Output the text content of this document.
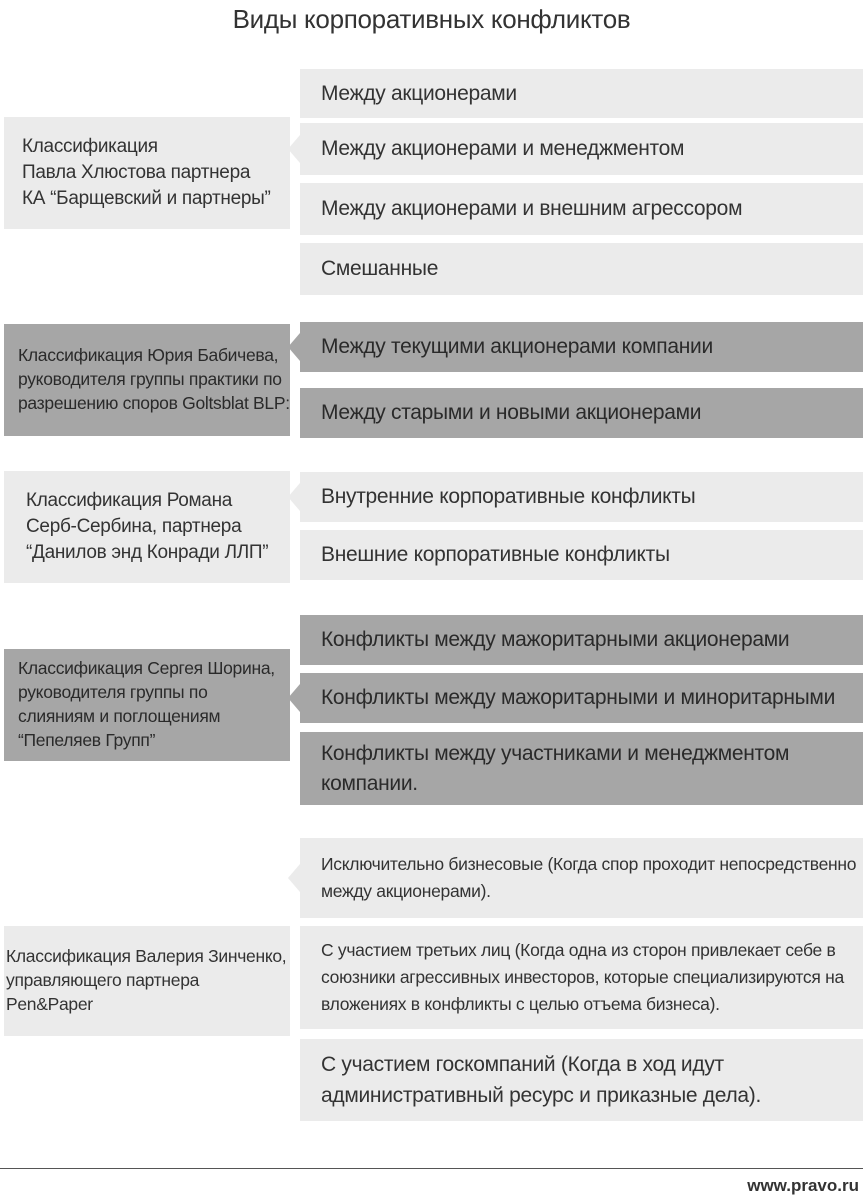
Виды корпоративных конфликтов
Классификация
Павла Хлюстова партнера
КА “Барщевский и партнеры”
Между акционерами
Между акционерами и менеджментом
Между акционерами и внешним агрессором
Смешанные
Классификация Юрия Бабичева,
руководителя группы практики по
разрешению споров Goltsblat BLP:
Между текущими акционерами компании
Между старыми и новыми акционерами
Классификация Романа
Серб-Сербина, партнера
“Данилов энд Конради ЛЛП”
Внутренние корпоративные конфликты
Внешние корпоративные конфликты
Классификация Сергея Шорина,
руководителя группы по
слияниям и поглощениям
“Пепеляев Групп”
Конфликты между мажоритарными акционерами
Конфликты между мажоритарными и миноритарными
Конфликты между участниками и менеджментом
компании.
Классификация Валерия Зинченко,
управляющего партнера Pen&Paper
Исключительно бизнесовые (Когда спор проходит непосредственно
между акционерами).
С участием третьих лиц (Когда одна из сторон привлекает себе в
союзники агрессивных инвесторов, которые специализируются на
вложениях в конфликты с целью отъема бизнеса).
С участием госкомпаний (Когда в ход идут
административный ресурс и приказные дела).
www.pravo.ru
